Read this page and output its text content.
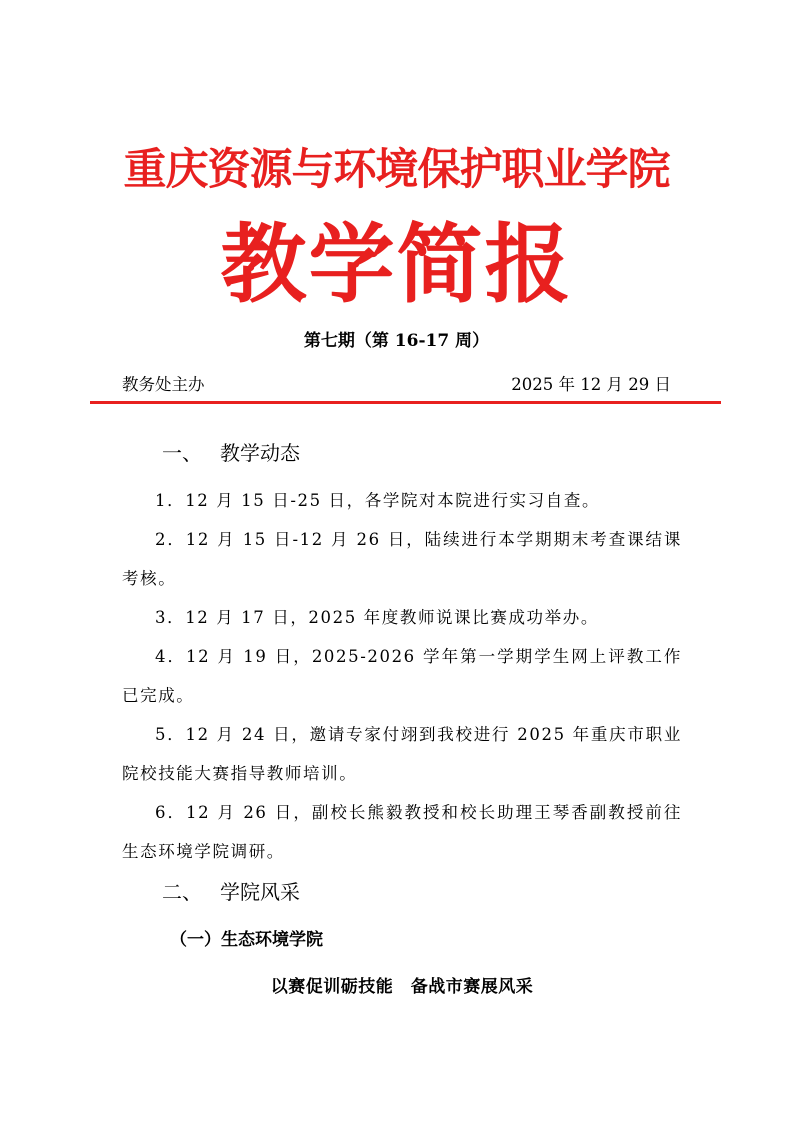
重庆资源与环境保护职业学院
教学简报
第七期（第 16-17 周）
教务处主办	2025 年 12 月 29 日

一、 教学动态

1．12 月 15 日-25 日，各学院对本院进行实习自查。

2．12 月 15 日-12 月 26 日，陆续进行本学期期末考查课结课考核。

3．12 月 17 日，2025 年度教师说课比赛成功举办。

4．12 月 19 日，2025-2026 学年第一学期学生网上评教工作已完成。

5．12 月 24 日，邀请专家付翊到我校进行 2025 年重庆市职业院校技能大赛指导教师培训。

6．12 月 26 日，副校长熊毅教授和校长助理王琴香副教授前往生态环境学院调研。

二、 学院风采

（一）生态环境学院

以赛促训砺技能　备战市赛展风采
